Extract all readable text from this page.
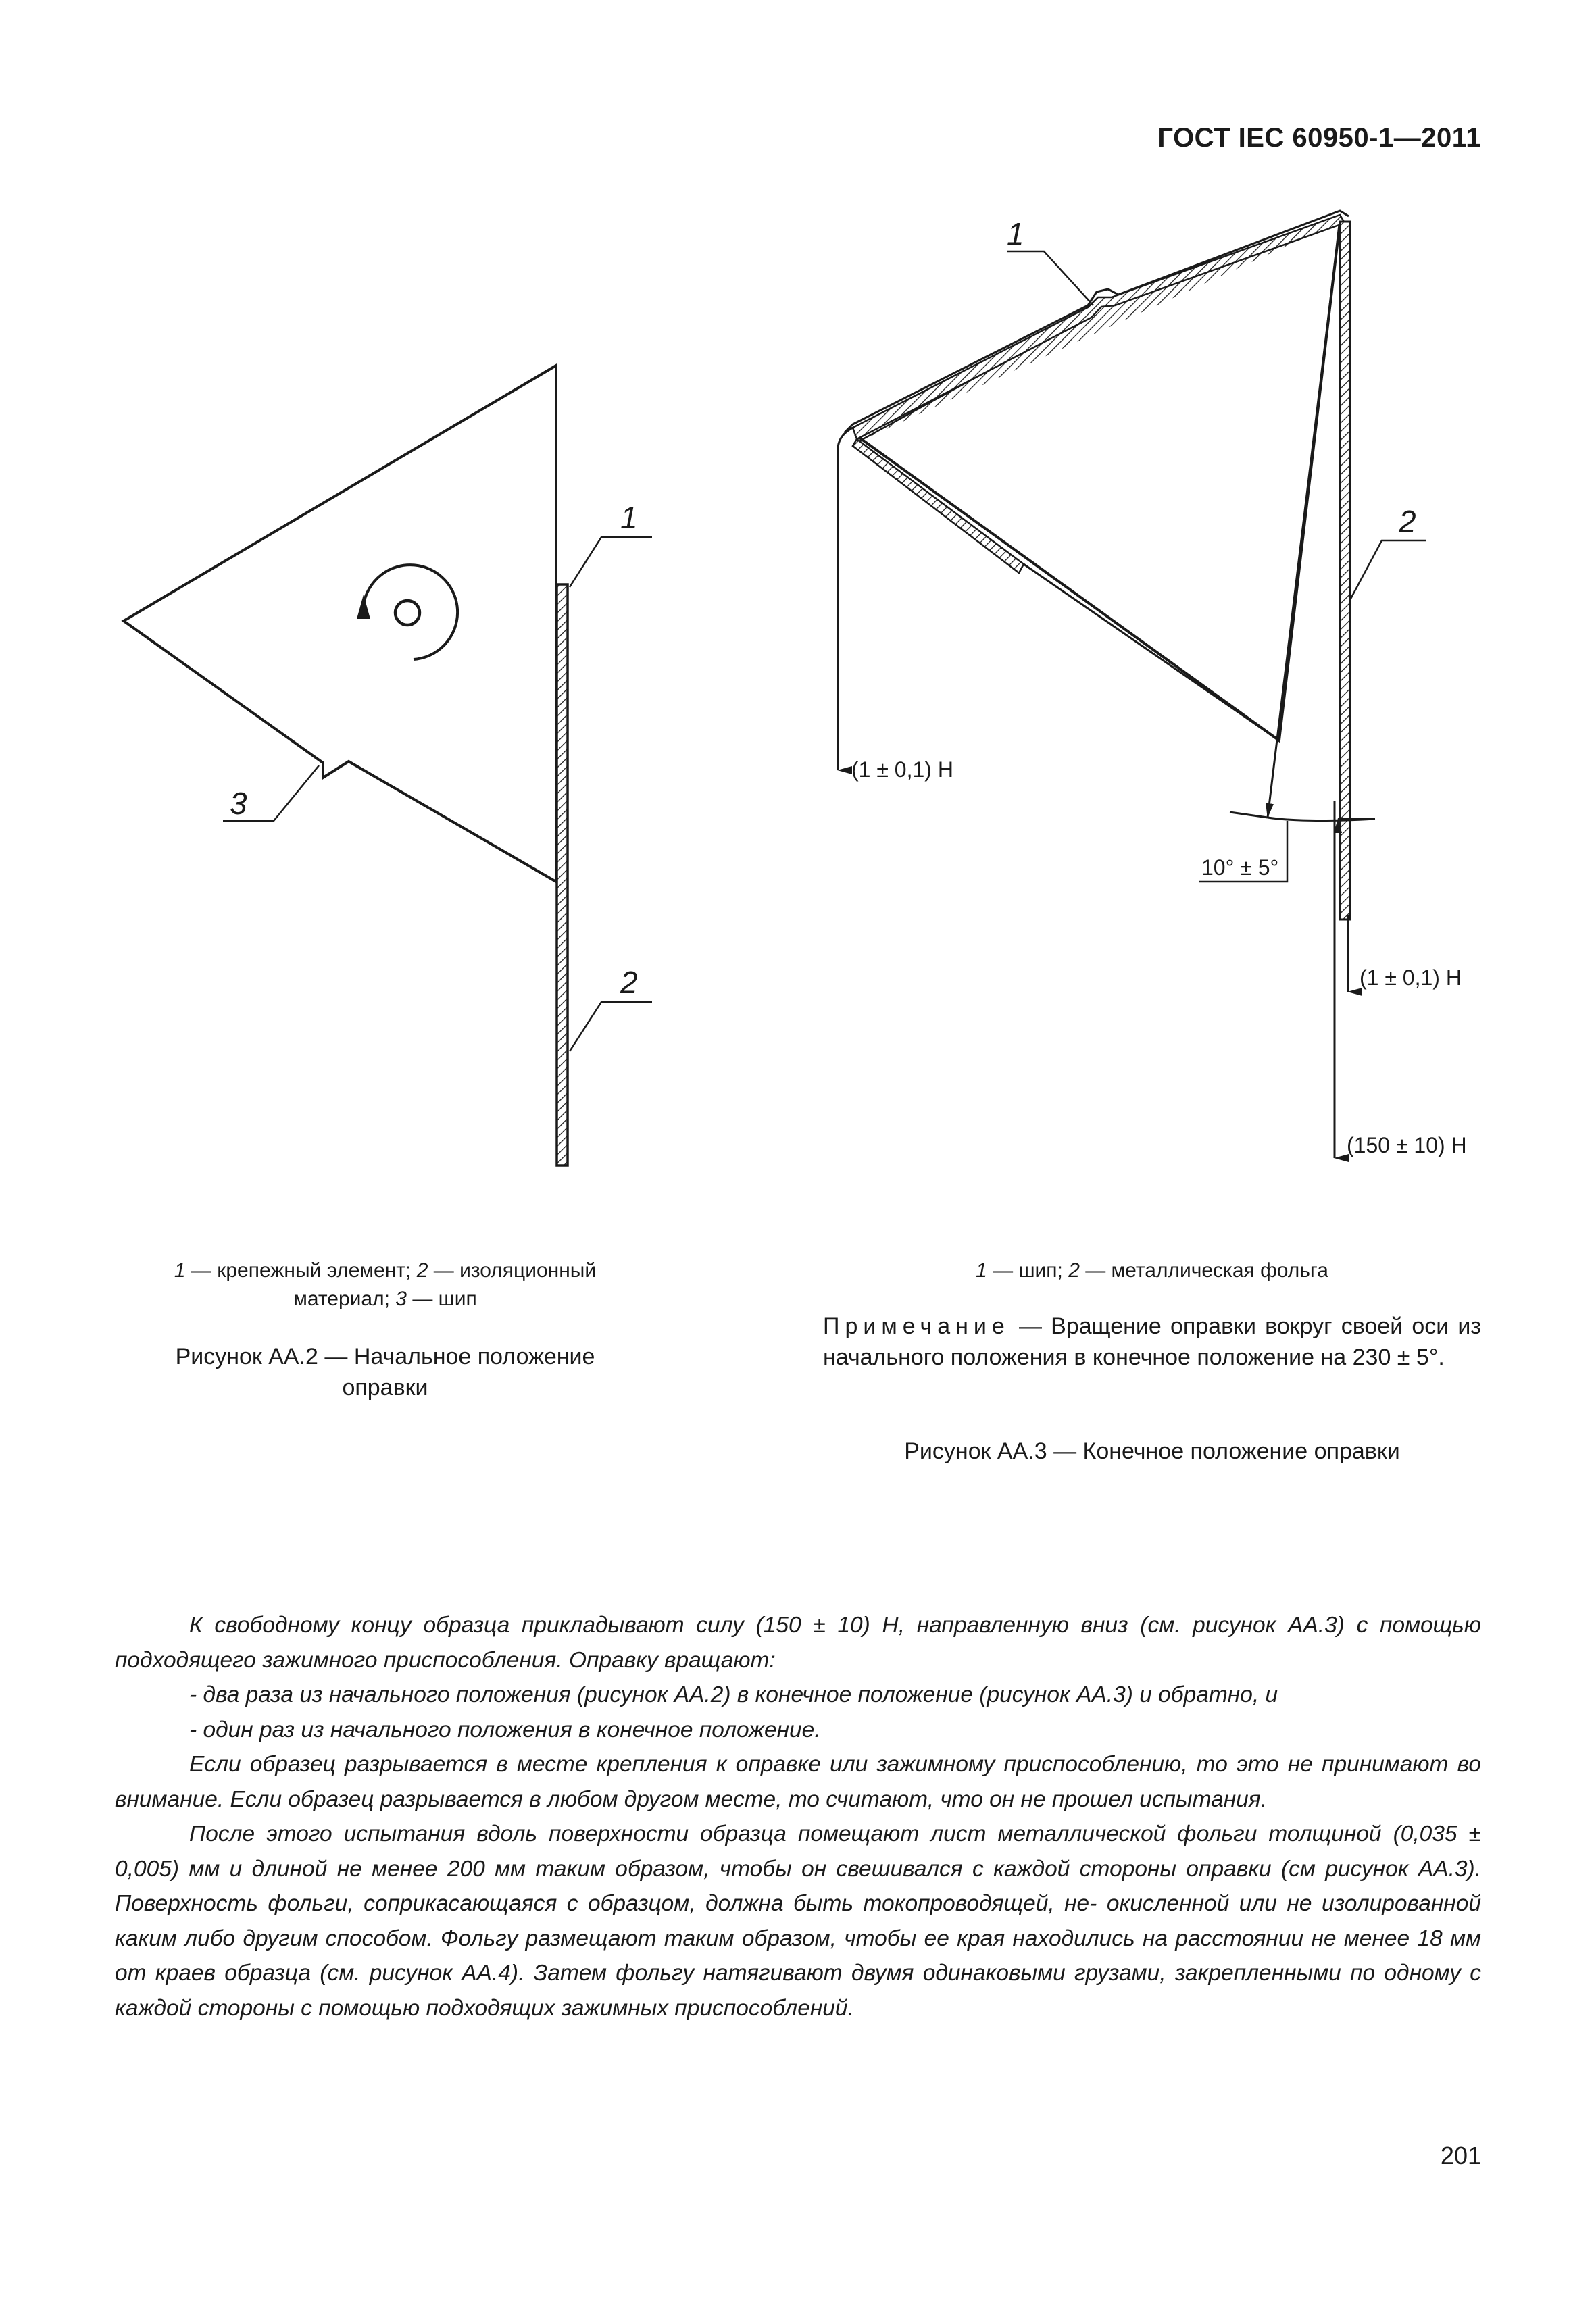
ГОСТ IEC 60950-1—2011
1
2
3
1
2
(1 ± 0,1) Н
(1 ± 0,1) Н
(150 ± 10) Н
10° ± 5°
1 — крепежный элемент; 2 — изоляционный
материал; 3 — шип
Рисунок АА.2 — Начальное положение
оправки
1 — шип; 2 — металлическая фольга
Примечание — Вращение оправки вокруг своей оси из начального положения в конечное положение на 230 ± 5°.
Рисунок АА.3 — Конечное положение оправки

К свободному концу образца прикладывают силу (150 ± 10) Н, направленную вниз (см. рисунок АА.3) с помощью подходящего зажимного приспособления. Оправку вращают:

- два раза из начального положения (рисунок АА.2) в конечное положение (рисунок АА.3) и обратно, и

- один раз из начального положения в конечное положение.

Если образец разрывается в месте крепления к оправке или зажимному приспособлению, то это не принимают во внимание. Если образец разрывается в любом другом месте, то считают, что он не прошел испытания.

После этого испытания вдоль поверхности образца помещают лист металлической фольги толщиной (0,035 ± 0,005) мм и длиной не менее 200 мм таким образом, чтобы он свешивался с каждой стороны оправки (см рисунок АА.3). Поверхность фольги, соприкасающаяся с образцом, должна быть токопроводящей, не- окисленной или не изолированной каким либо другим способом. Фольгу размещают таким образом, чтобы ее края находились на расстоянии не менее 18 мм от краев образца (см. рисунок АА.4). Затем фольгу натягивают двумя одинаковыми грузами, закрепленными по одному с каждой стороны с помощью подходящих зажимных приспособлений.

201
